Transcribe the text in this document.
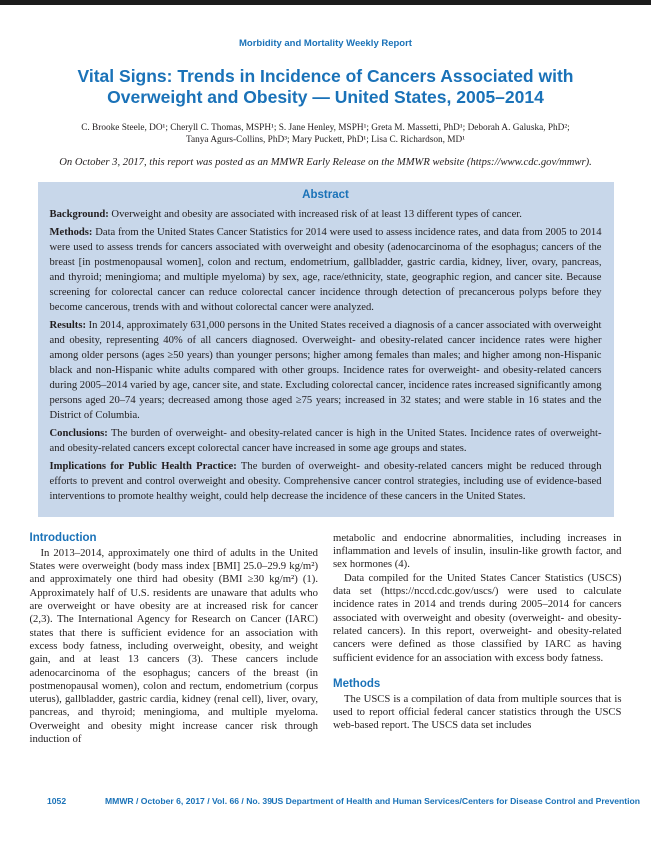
Morbidity and Mortality Weekly Report
Vital Signs: Trends in Incidence of Cancers Associated with Overweight and Obesity — United States, 2005–2014
C. Brooke Steele, DO¹; Cheryll C. Thomas, MSPH¹; S. Jane Henley, MSPH¹; Greta M. Massetti, PhD¹; Deborah A. Galuska, PhD²;
Tanya Agurs-Collins, PhD³; Mary Puckett, PhD¹; Lisa C. Richardson, MD¹
On October 3, 2017, this report was posted as an MMWR Early Release on the MMWR website (https://www.cdc.gov/mmwr).
Abstract

Background: Overweight and obesity are associated with increased risk of at least 13 different types of cancer.

Methods: Data from the United States Cancer Statistics for 2014 were used to assess incidence rates, and data from 2005 to 2014 were used to assess trends for cancers associated with overweight and obesity (adenocarcinoma of the esophagus; cancers of the breast [in postmenopausal women], colon and rectum, endometrium, gallbladder, gastric cardia, kidney, liver, ovary, pancreas, and thyroid; meningioma; and multiple myeloma) by sex, age, race/ethnicity, state, geographic region, and cancer site. Because screening for colorectal cancer can reduce colorectal cancer incidence through detection of precancerous polyps before they become cancerous, trends with and without colorectal cancer were analyzed.

Results: In 2014, approximately 631,000 persons in the United States received a diagnosis of a cancer associated with overweight and obesity, representing 40% of all cancers diagnosed. Overweight- and obesity-related cancer incidence rates were higher among older persons (ages ≥50 years) than younger persons; higher among females than males; and higher among non-Hispanic black and non-Hispanic white adults compared with other groups. Incidence rates for overweight- and obesity-related cancers during 2005–2014 varied by age, cancer site, and state. Excluding colorectal cancer, incidence rates increased significantly among persons aged 20–74 years; decreased among those aged ≥75 years; increased in 32 states; and were stable in 16 states and the District of Columbia.

Conclusions: The burden of overweight- and obesity-related cancer is high in the United States. Incidence rates of overweight- and obesity-related cancers except colorectal cancer have increased in some age groups and states.

Implications for Public Health Practice: The burden of overweight- and obesity-related cancers might be reduced through efforts to prevent and control overweight and obesity. Comprehensive cancer control strategies, including use of evidence-based interventions to promote healthy weight, could help decrease the incidence of these cancers in the United States.

Introduction

In 2013–2014, approximately one third of adults in the United States were overweight (body mass index [BMI] 25.0–29.9 kg/m²) and approximately one third had obesity (BMI ≥30 kg/m²) (1). Approximately half of U.S. residents are unaware that adults who are overweight or have obesity are at increased risk for cancer (2,3). The International Agency for Research on Cancer (IARC) states that there is sufficient evidence for an association with excess body fatness, including overweight, obesity, and weight gain, and at least 13 cancers (3). These cancers include adenocarcinoma of the esophagus; cancers of the breast (in postmenopausal women), colon and rectum, endometrium (corpus uterus), gallbladder, gastric cardia, kidney (renal cell), liver, ovary, pancreas, and thyroid; meningioma, and multiple myeloma. Overweight and obesity might increase cancer risk through induction of

metabolic and endocrine abnormalities, including increases in inflammation and levels of insulin, insulin-like growth factor, and sex hormones (4).

Data compiled for the United States Cancer Statistics (USCS) data set (https://nccd.cdc.gov/uscs/) were used to calculate incidence rates in 2014 and trends during 2005–2014 for cancers associated with overweight and obesity (overweight- and obesity-related cancers). In this report, overweight- and obesity-related cancers were defined as those classified by IARC as having sufficient evidence for an association with excess body fatness.

Methods

The USCS is a compilation of data from multiple sources that is used to report official federal cancer statistics through the USCS web-based report. The USCS data set includes

1052	MMWR / October 6, 2017 / Vol. 66 / No. 39 US Department of Health and Human Services/Centers for Disease Control and Prevention
